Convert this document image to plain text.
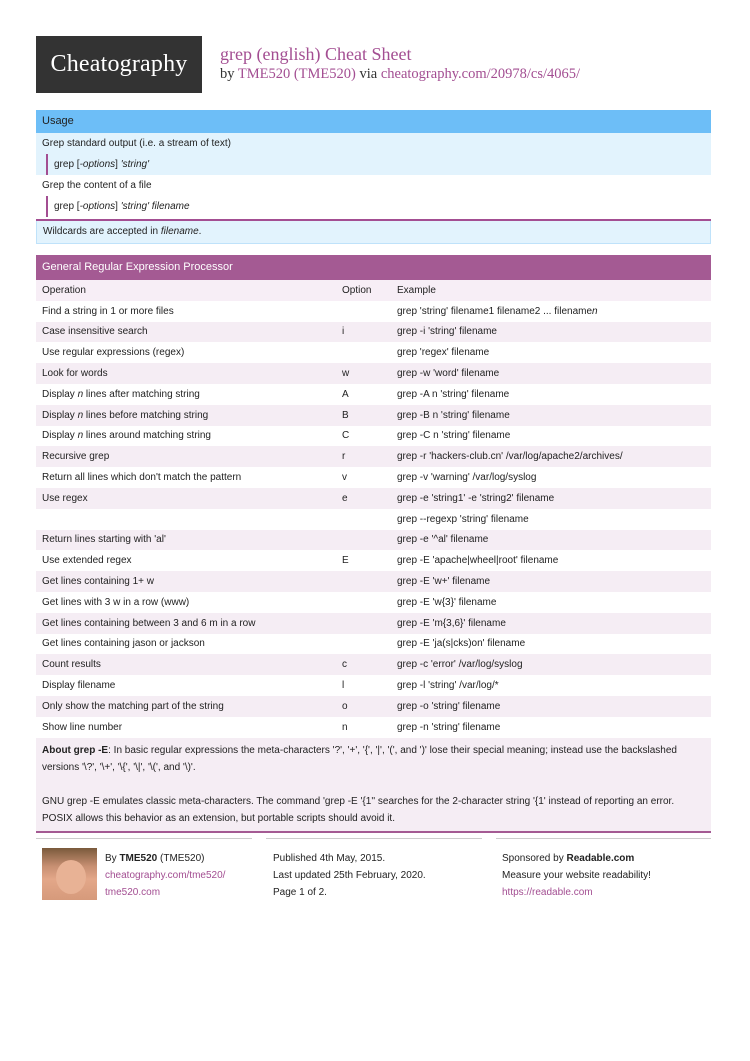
Cheatography grep (english) Cheat Sheet
by TME520 (TME520) via cheatography.com/20978/cs/4065/
Usage
Grep standard output (i.e. a stream of text)
grep [-options] 'string'
Grep the content of a file
grep [-options] 'string' filename
Wildcards are accepted in filename.
General Regular Expression Processor
Operation	Option	Example
Find a string in 1 or more files		grep 'string' filename1 filename2 ... filenamen
Case insensitive search	i	grep -i 'string' filename
Use regular expressions (regex)		grep 'regex' filename
Look for words	w	grep -w 'word' filename
Display n lines after matching string	A	grep -A n 'string' filename
Display n lines before matching string	B	grep -B n 'string' filename
Display n lines around matching string	C	grep -C n 'string' filename
Recursive grep	r	grep -r 'hackers-club.cn' /var/log/apache2/archives/
Return all lines which don't match the pattern	v	grep -v 'warning' /var/log/syslog
Use regex	e	grep -e 'string1' -e 'string2' filename
		grep --regexp 'string' filename
Return lines starting with 'al'		grep -e '^al' filename
Use extended regex	E	grep -E 'apache|wheel|root' filename
Get lines containing 1+ w		grep -E 'w+' filename
Get lines with 3 w in a row (www)		grep -E 'w{3}' filename
Get lines containing between 3 and 6 m in a row		grep -E 'm{3,6}' filename
Get lines containing jason or jackson		grep -E 'ja(s|cks)on' filename
Count results	c	grep -c 'error' /var/log/syslog
Display filename	l	grep -l 'string' /var/log/*
Only show the matching part of the string	o	grep -o 'string' filename
Show line number	n	grep -n 'string' filename

About grep -E: In basic regular expressions the meta-characters '?', '+', '{', '|', '(', and ')' lose their special meaning; instead use the backslashed versions '\?', '\+', '\{', '\|', '\(', and '\)'.

GNU grep -E emulates classic meta-characters. The command 'grep -E '{1'' searches for the 2-character string '{1' instead of reporting an error. POSIX allows this behavior as an extension, but portable scripts should avoid it.

By TME520 (TME520)
cheatography.com/tme520/
tme520.com
Published 4th May, 2015.
Last updated 25th February, 2020.
Page 1 of 2.
Sponsored by Readable.com
Measure your website readability!
https://readable.com
